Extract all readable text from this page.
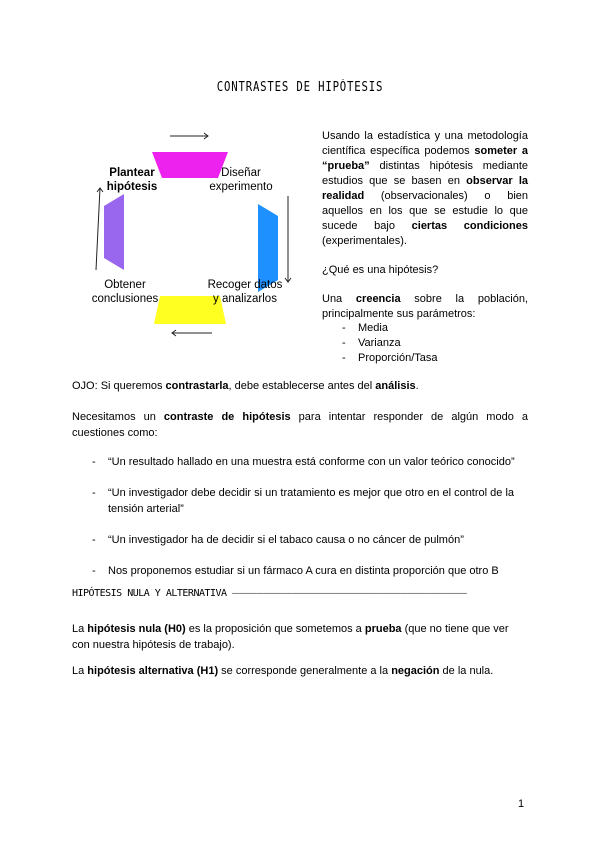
CONTRASTES DE HIPÓTESIS
Plantear
hipótesis
Diseñar
experimento
Recoger datos
y analizarlos
Obtener
conclusiones

Usando la estadística y una metodología científica específica podemos someter a “prueba” distintas hipótesis mediante estudios que se basen en observar la realidad (observacionales) o bien aquellos en los que se estudie lo que sucede bajo ciertas condiciones (experimentales).

¿Qué es una hipótesis?

Una creencia sobre la población, principalmente sus parámetros:

- Media
- Varianza
- Proporción/Tasa
OJO: Si queremos contrastarla, debe establecerse antes del análisis.
Necesitamos un contraste de hipótesis para intentar responder de algún modo a cuestiones como:
- “Un resultado hallado en una muestra está conforme con un valor teórico conocido”
- “Un investigador debe decidir si un tratamiento es mejor que otro en el control de la tensión arterial”
- “Un investigador ha de decidir si el tabaco causa o no cáncer de pulmón”
- Nos proponemos estudiar si un fármaco A cura en distinta proporción que otro B
HIPÓTESIS NULA Y ALTERNATIVA –––––––––––––––––––––––––––––––––––––––
La hipótesis nula (H0) es la proposición que sometemos a prueba (que no tiene que ver con nuestra hipótesis de trabajo).
La hipótesis alternativa (H1) se corresponde generalmente a la negación de la nula.
1
